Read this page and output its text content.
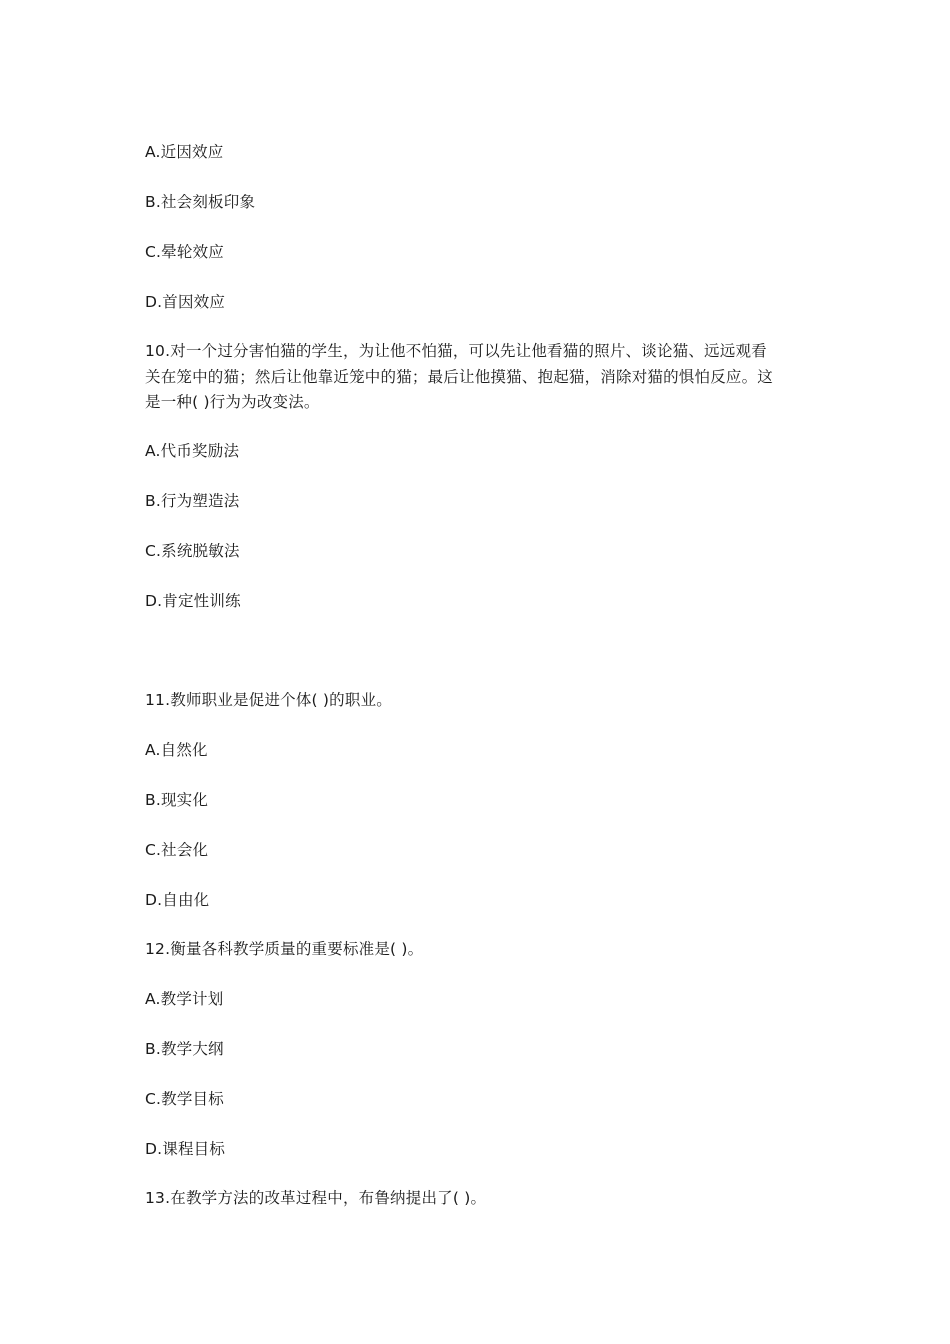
A.近因效应
B.社会刻板印象
C.晕轮效应
D.首因效应
10.对一个过分害怕猫的学生，为让他不怕猫，可以先让他看猫的照片、谈论猫、远远观看
关在笼中的猫；然后让他靠近笼中的猫；最后让他摸猫、抱起猫，消除对猫的惧怕反应。这
是一种( )行为为改变法。
A.代币奖励法
B.行为塑造法
C.系统脱敏法
D.肯定性训练
11.教师职业是促进个体( )的职业。
A.自然化
B.现实化
C.社会化
D.自由化
12.衡量各科教学质量的重要标准是( )。
A.教学计划
B.教学大纲
C.教学目标
D.课程目标
13.在教学方法的改革过程中，布鲁纳提出了( )。
